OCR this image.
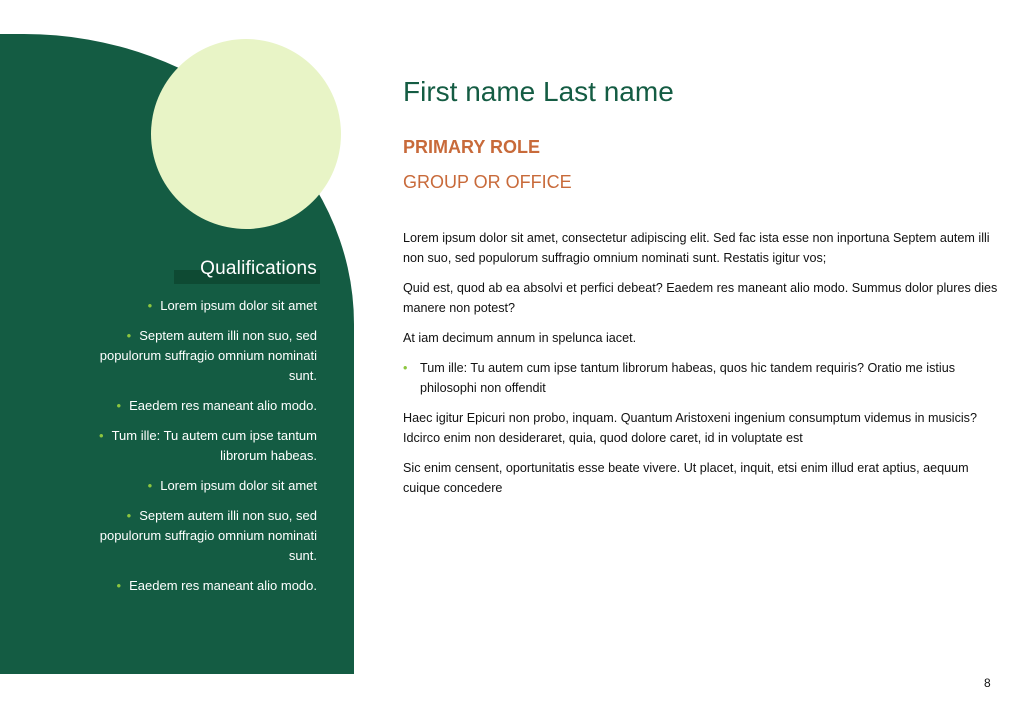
Qualifications
• Lorem ipsum dolor sit amet
• Septem autem illi non suo, sed populorum suffragio omnium nominati sunt.
• Eaedem res maneant alio modo.
• Tum ille: Tu autem cum ipse tantum librorum habeas.
• Lorem ipsum dolor sit amet
• Septem autem illi non suo, sed populorum suffragio omnium nominati sunt.
• Eaedem res maneant alio modo.
First name Last name
PRIMARY ROLE
GROUP OR OFFICE

Lorem ipsum dolor sit amet, consectetur adipiscing elit. Sed fac ista esse non inportuna Septem autem illi non suo, sed populorum suffragio omnium nominati sunt. Restatis igitur vos;

Quid est, quod ab ea absolvi et perfici debeat? Eaedem res maneant alio modo. Summus dolor plures dies manere non potest?

At iam decimum annum in spelunca iacet.

• Tum ille: Tu autem cum ipse tantum librorum habeas, quos hic tandem requiris? Oratio me istius philosophi non offendit

Haec igitur Epicuri non probo, inquam. Quantum Aristoxeni ingenium consumptum videmus in musicis? Idcirco enim non desideraret, quia, quod dolore caret, id in voluptate est

Sic enim censent, oportunitatis esse beate vivere. Ut placet, inquit, etsi enim illud erat aptius, aequum cuique concedere

8
